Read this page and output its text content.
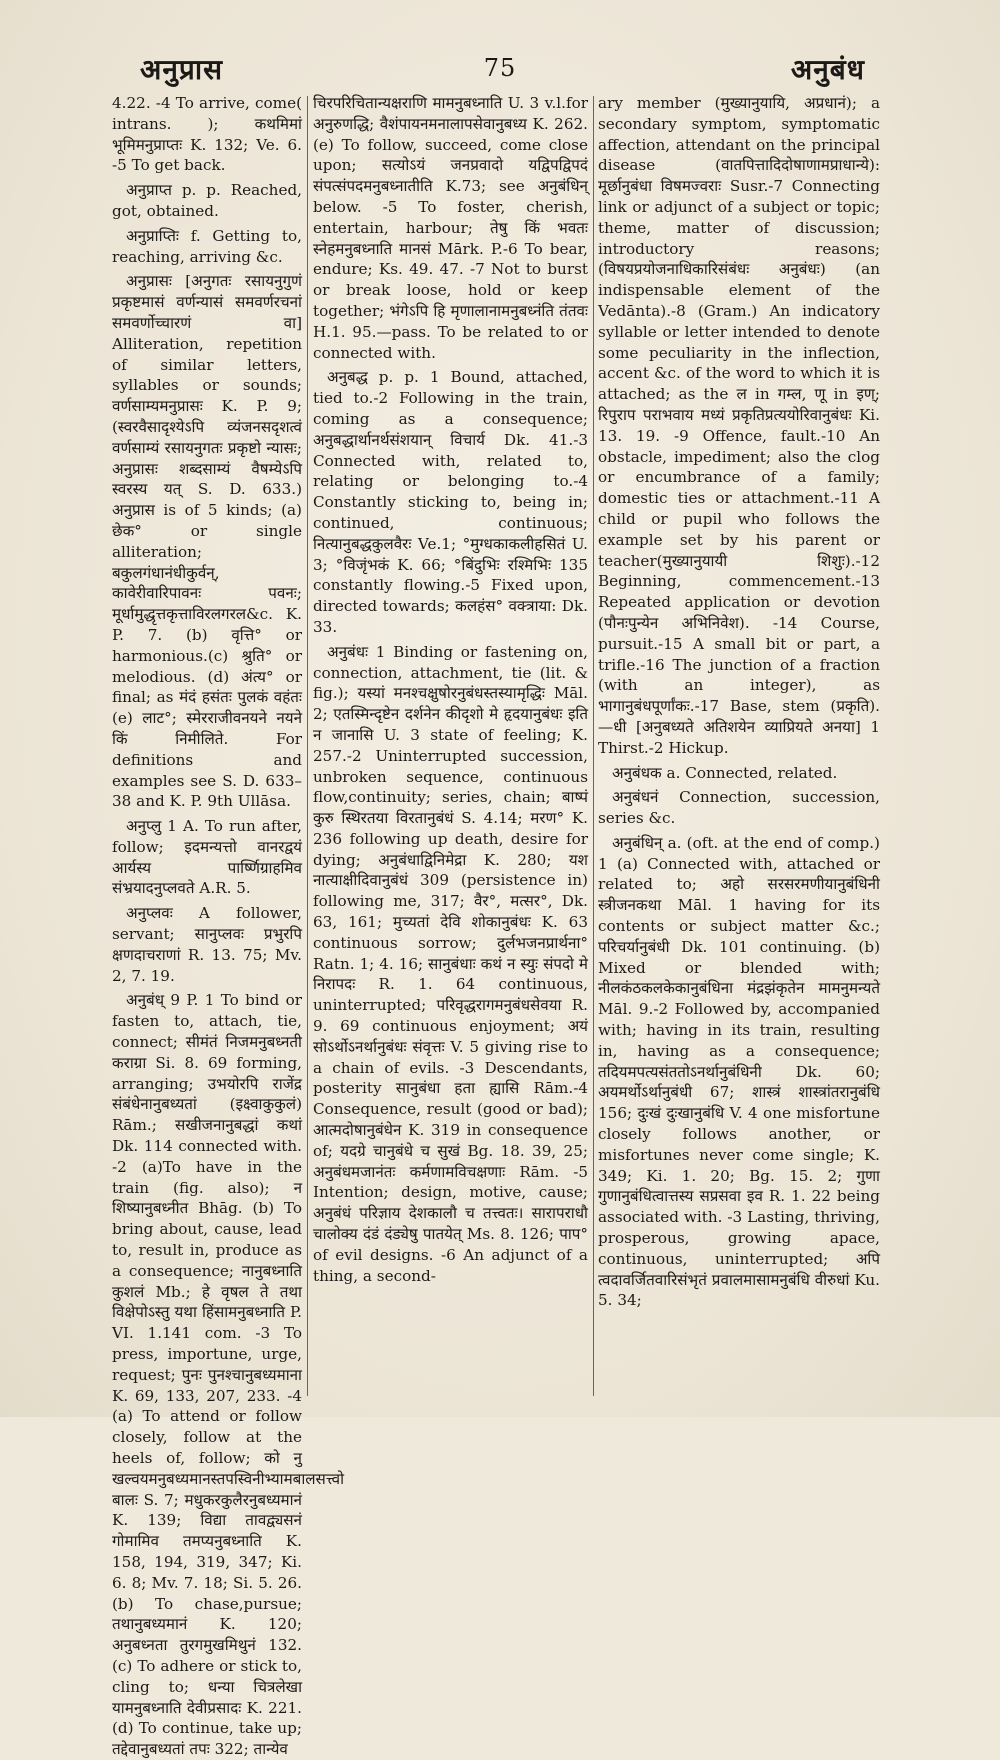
अनुप्रास	75	अनुबंध

4.22. -4 To arrive, come( intrans. ); कथमिमां भूमिमनुप्राप्तः K. 132; Ve. 6. -5 To get back.

अनुप्राप्त p. p. Reached, got, obtained.

अनुप्राप्तिः f. Getting to, reaching, arriving &c.

अनुप्रासः [अनुगतः रसायनुगुणं प्रकृष्टमासं वर्णन्यासं समवर्णरचनां समवर्णोच्चारणं वा] Alliteration, repetition of similar letters, syllables or sounds; वर्णसाम्यमनुप्रासः K. P. 9; (स्वरवैसादृश्येऽपि व्यंजनसदृशत्वं वर्णसाम्यं रसायनुगतः प्रकृष्टो न्यासः; अनुप्रासः शब्दसाम्यं वैषम्येऽपि स्वरस्य यत् S. D. 633.) अनुप्रास is of 5 kinds; (a) छेक° or single alliteration; बकुलगंधानंधीकुर्वन्, कावेरीवारिपावनः पवनः; मूर्धामुद्धृत्तकृत्ताविरलगरल&c. K. P. 7. (b) वृत्ति° or harmonious.(c) श्रुति° or melodious. (d) अंत्य° or final; as मंदं हसंतः पुलकं वहंतः (e) लाट°; स्मेरराजीवनयने नयने किं निमीलिते. For definitions and examples see S. D. 633–38 and K. P. 9th Ullāsa.

अनुप्लु 1 A. To run after, follow; इदमन्यत्तो वानरद्वयं आर्यस्य पार्ष्णिग्राहमिव संभ्रयादनुप्लवते A.R. 5.

अनुप्लवः A follower, servant; सानुप्लवः प्रभुरपि क्षणदाचराणां R. 13. 75; Mv. 2, 7. 19.

अनुबंध् 9 P. 1 To bind or fasten to, attach, tie, connect; सीमंतं निजमनुबध्नती कराग्रा Si. 8. 69 forming, arranging; उभयोरपि राजेंद्र संबंधेनानुबध्यतां (इक्ष्वाकुकुलं) Rām.; सखीजनानुबद्धां कथां Dk. 114 connected with. -2 (a)To have in the train (fig. also); न शिष्यानुबध्नीत Bhāg. (b) To bring about, cause, lead to, result in, produce as a consequence; नानुबध्नाति कुशलं Mb.; हे वृषल ते तथा विक्षेपोऽस्तु यथा हिंसामनुबध्नाति P. VI. 1.141 com. -3 To press, importune, urge, request; पुनः पुनश्चानुबध्यमाना K. 69, 133, 207, 233. -4 (a) To attend or follow closely, follow at the heels of, follow; को नु खल्वयमनुबध्यमानस्तपस्विनीभ्यामबालसत्त्वो बालः S. 7; मधुकरकुलैरनुबध्यमानं K. 139; विद्या तावद्व्यसनं गोमामिव तमप्यनुबध्नाति K. 158, 194, 319, 347; Ki. 6. 8; Mv. 7. 18; Si. 5. 26. (b) To chase,pursue; तथानुबध्यमानं K. 120; अनुबध्नता तुरगमुखमिथुनं 132. (c) To adhere or stick to, cling to; धन्या चित्रलेखा यामनुबध्नाति देवीप्रसादः K. 221. (d) To continue, take up; तद्देवानुबध्यतां तपः 322; तान्येव

चिरपरिचितान्यक्षराणि मामनुबध्नाति U. 3 v.l.for अनुरुणद्धि; वैशंपायनमनालापसेवानुबध्य K. 262. (e) To follow, succeed, come close upon; सत्योऽयं जनप्रवादो यद्विपद्विपदं संपत्संपदमनुबध्नातीति K.73; see अनुबंधिन् below. -5 To foster, cherish, entertain, harbour; तेषु किं भवतः स्नेहमनुबध्नाति मानसं Mārk. P.-6 To bear, endure; Ks. 49. 47. -7 Not to burst or break loose, hold or keep together; भंगेऽपि हि मृणालानामनुबध्नंति तंतवः H.1. 95.—pass. To be related to or connected with.

अनुबद्ध p. p. 1 Bound, attached, tied to.-2 Following in the train, coming as a consequence; अनुबद्धार्थानर्थसंशयान् विचार्य Dk. 41.-3 Connected with, related to, relating or belonging to.-4 Constantly sticking to, being in; continued, continuous; नित्यानुबद्धकुलवैरः Ve.1; °मुग्धकाकलीहसितं U. 3; °विजृंभकं K. 66; °बिंदुभिः रश्मिभिः 135 constantly flowing.-5 Fixed upon, directed towards; कलहंस° वक्त्राया: Dk. 33.

अनुबंधः 1 Binding or fastening on, connection, attachment, tie (lit. & fig.); यस्यां मनश्चक्षुषोरनुबंधस्तस्यामृद्धिः Māl. 2; एतस्मिन्दृष्टेन दर्शनेन कीदृशो मे हृदयानुबंधः इति न जानासि U. 3 state of feeling; K. 257.-2 Uninterrupted succession, unbroken sequence, continuous flow,continuity; series, chain; बाष्पं कुरु स्थिरतया विरतानुबंधं S. 4.14; मरण° K. 236 following up death, desire for dying; अनुबंधाद्विनिमेद्रा K. 280; यश नात्याक्षीदिवानुबंधं 309 (persistence in) following me, 317; वैर°, मत्सर°, Dk. 63, 161; मुच्यतां देवि शोकानुबंधः K. 63 continuous sorrow; दुर्लभजनप्रार्थना° Ratn. 1; 4. 16; सानुबंधाः कथं न स्युः संपदो मे निरापदः R. 1. 64 continuous, uninterrupted; परिवृद्धरागमनुबंधसेवया R. 9. 69 continuous enjoyment; अयं सोऽर्थोऽनर्थानुबंधः संवृत्तः V. 5 giving rise to a chain of evils. -3 Descendants, posterity सानुबंधा हता ह्यासि Rām.-4 Consequence, result (good or bad); आत्मदोषानुबंधेन K. 319 in consequence of; यदग्रे चानुबंधे च सुखं Bg. 18. 39, 25; अनुबंधमजानंतः कर्मणामविचक्षणाः Rām. -5 Intention; design, motive, cause; अनुबंधं परिज्ञाय देशकालौ च तत्त्वतः। सारापराधौ चालोक्य दंडं दंड्येषु पातयेत् Ms. 8. 126; पाप° of evil designs. -6 An adjunct of a thing, a second-

ary member (मुख्यानुयायि, अप्रधानं); a secondary symptom, symptomatic affection, attendant on the principal disease (वातपित्तादिदोषाणामप्राधान्ये): मूर्छानुबंधा विषमज्वराः Susr.-7 Connecting link or adjunct of a subject or topic; theme, matter of discussion; introductory reasons; (विषयप्रयोजनाधिकारिसंबंधः अनुबंधः) (an indispensable element of the Vedānta).-8 (Gram.) An indicatory syllable or letter intended to denote some peculiarity in the inflection, accent &c. of the word to which it is attached; as the ल in गम्ल, णू in इण्; रिपुराप पराभवाय मध्यं प्रकृतिप्रत्ययोरिवानुबंधः Ki. 13. 19. -9 Offence, fault.-10 An obstacle, impediment; also the clog or encumbrance of a family; domestic ties or attachment.-11 A child or pupil who follows the example set by his parent or teacher(मुख्यानुयायी शिशुः).-12 Beginning, commencement.-13 Repeated application or devotion (पौनःपुन्येन अभिनिवेश). -14 Course, pursuit.-15 A small bit or part, a trifle.-16 The junction of a fraction (with an integer), as भागानुबंधपूर्णांकः.-17 Base, stem (प्रकृति). —धी [अनुबध्यते अतिशयेन व्याप्रियते अनया] 1 Thirst.-2 Hickup.

अनुबंधक a. Connected, related.

अनुबंधनं Connection, succession, series &c.

अनुबंधिन् a. (oft. at the end of comp.) 1 (a) Connected with, attached or related to; अहो सरसरमणीयानुबंधिनी स्त्रीजनकथा Māl. 1 having for its contents or subject matter &c.; परिचर्यानुबंधी Dk. 101 continuing. (b) Mixed or blended with; नीलकंठकलकेकानुबंधिना मंद्रझंकृतेन मामनुमन्यते Māl. 9.-2 Followed by, accompanied with; having in its train, resulting in, having as a consequence; तदियमपत्यसंततोऽनर्थानुबंधिनी Dk. 60; अयमर्थोऽर्थानुबंधी 67; शास्त्रं शास्त्रांतरानुबंधि 156; दुःखं दुःखानुबंधि V. 4 one misfortune closely follows another, or misfortunes never come single; K. 349; Ki. 1. 20; Bg. 15. 2; गुणा गुणानुबंधित्वात्तस्य सप्रसवा इव R. 1. 22 being associated with. -3 Lasting, thriving, prosperous, growing apace, continuous, uninterrupted; अपि त्वदावर्जितवारिसंभृतं प्रवालमासामनुबंधि वीरुधां Ku. 5. 34;
